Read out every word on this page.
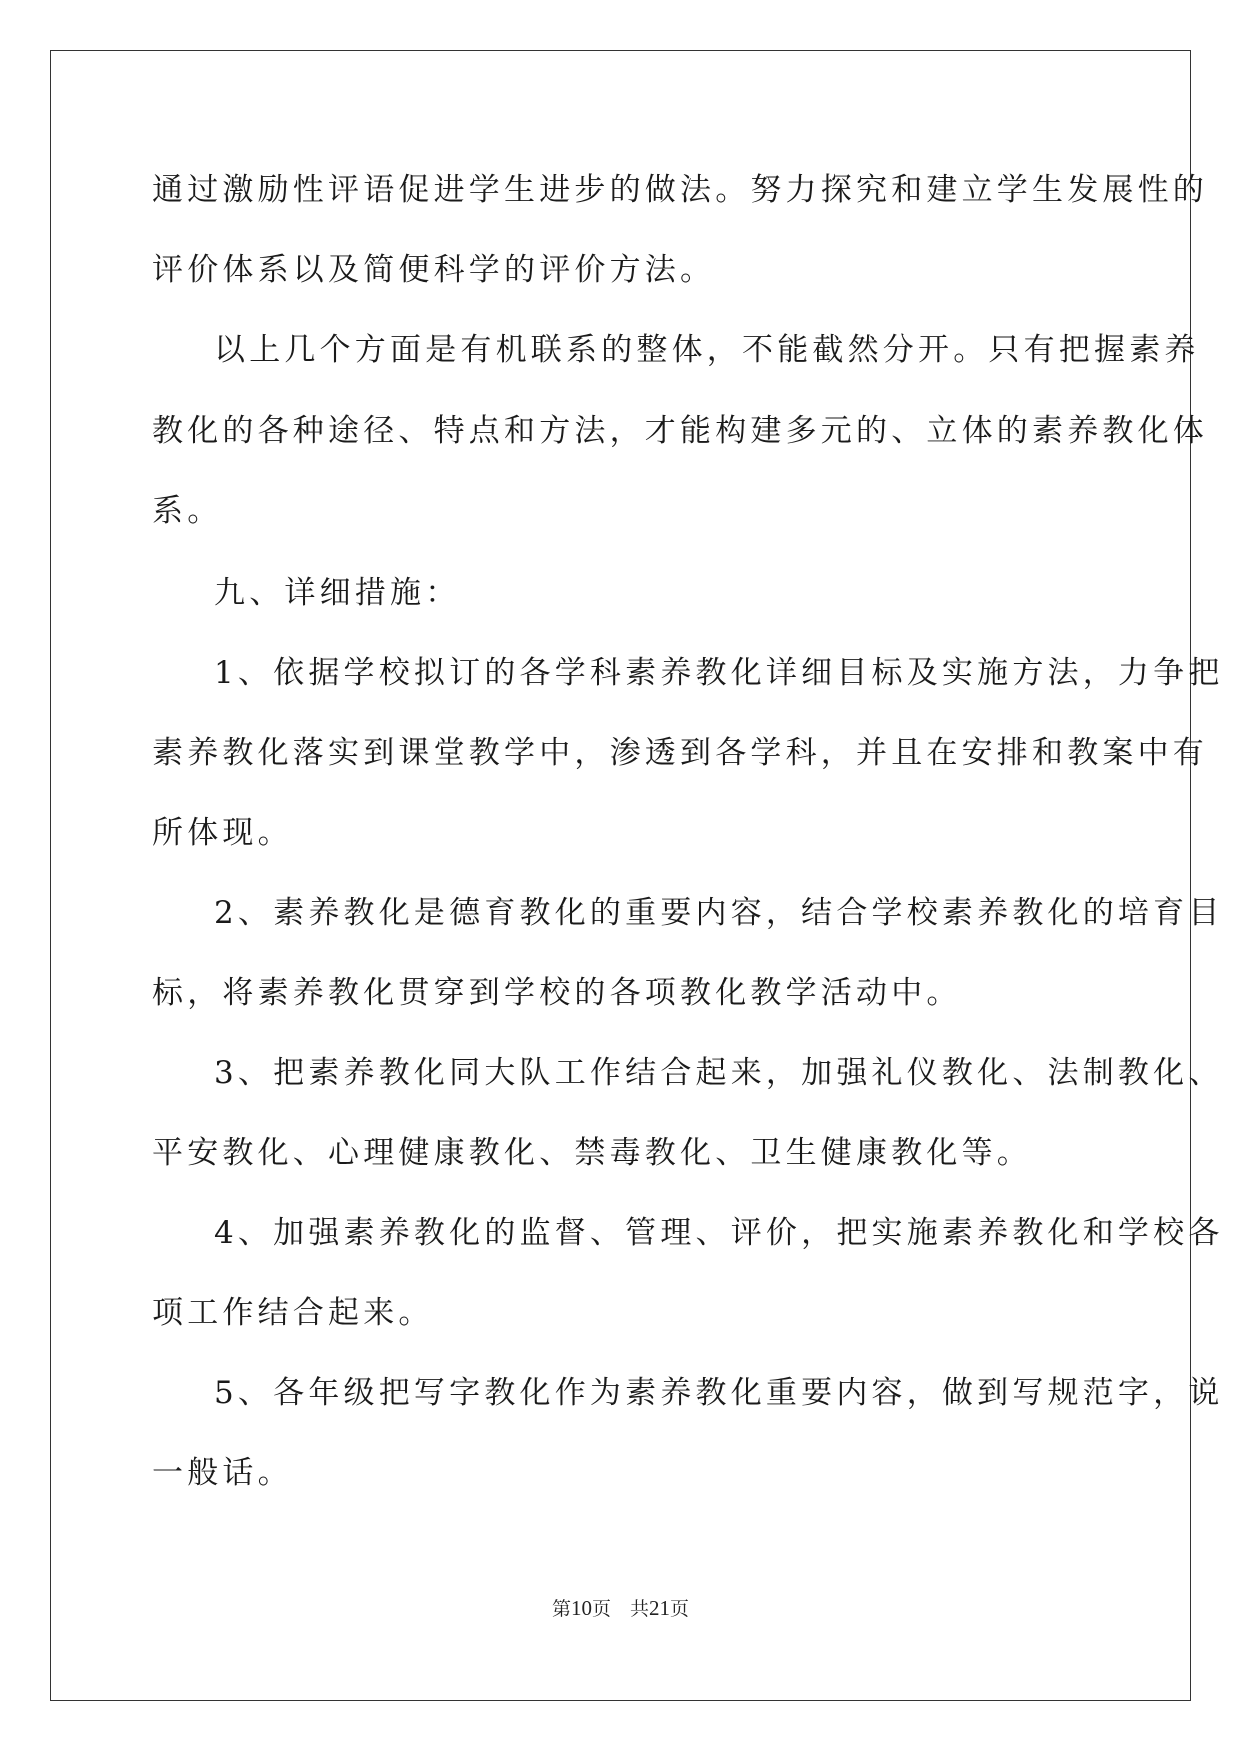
通过激励性评语促进学生进步的做法。努力探究和建立学生发展性的
评价体系以及简便科学的评价方法。
以上几个方面是有机联系的整体，不能截然分开。只有把握素养
教化的各种途径、特点和方法，才能构建多元的、立体的素养教化体
系。
九、详细措施：
1、依据学校拟订的各学科素养教化详细目标及实施方法，力争把
素养教化落实到课堂教学中，渗透到各学科，并且在安排和教案中有
所体现。
2、素养教化是德育教化的重要内容，结合学校素养教化的培育目
标，将素养教化贯穿到学校的各项教化教学活动中。
3、把素养教化同大队工作结合起来，加强礼仪教化、法制教化、
平安教化、心理健康教化、禁毒教化、卫生健康教化等。
4、加强素养教化的监督、管理、评价，把实施素养教化和学校各
项工作结合起来。
5、各年级把写字教化作为素养教化重要内容，做到写规范字，说
一般话。
第10页　共21页
